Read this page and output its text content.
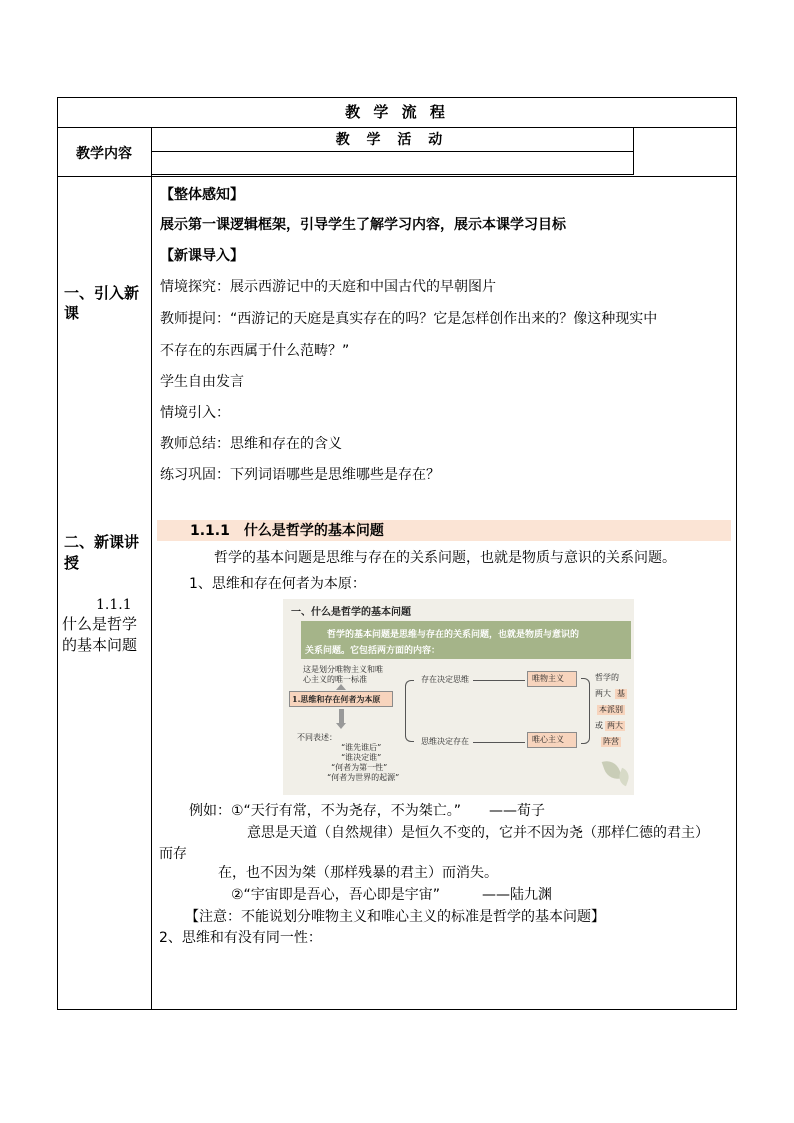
教 学 流 程
教学内容
教 学 活 动
一、引入新
课
二、新课讲
授
1.1.1
什么是哲学
的基本问题
【整体感知】
展示第一课逻辑框架，引导学生了解学习内容，展示本课学习目标
【新课导入】
情境探究：展示西游记中的天庭和中国古代的早朝图片
教师提问：“西游记的天庭是真实存在的吗？它是怎样创作出来的？像这种现实中
不存在的东西属于什么范畴？”
学生自由发言
情境引入：
教师总结：思维和存在的含义
练习巩固：下列词语哪些是思维哪些是存在？
1.1.1　什么是哲学的基本问题
哲学的基本问题是思维与存在的关系问题，也就是物质与意识的关系问题。
1、思维和存在何者为本原：
一、什么是哲学的基本问题
哲学的基本问题是思维与存在的关系问题，也就是物质与意识的
关系问题。它包括两方面的内容：
这是划分唯物主义和唯
心主义的唯一标准
1.思维和存在何者为本原
不同表述：
“谁先谁后”
“谁决定谁”
“何者为第一性”
“何者为世界的起源”
存在决定思维
思维决定存在
唯物主义
唯心主义
哲学的
两大 基
本派别
或 两大
阵营
例如：①“天行有常，不为尧存，不为桀亡。”　　——荀子
意思是天道（自然规律）是恒久不变的，它并不因为尧（那样仁德的君主）
而存
在，也不因为桀（那样残暴的君主）而消失。
②“宇宙即是吾心，吾心即是宇宙”　　　——陆九渊
【注意：不能说划分唯物主义和唯心主义的标准是哲学的基本问题】
2、思维和有没有同一性：
